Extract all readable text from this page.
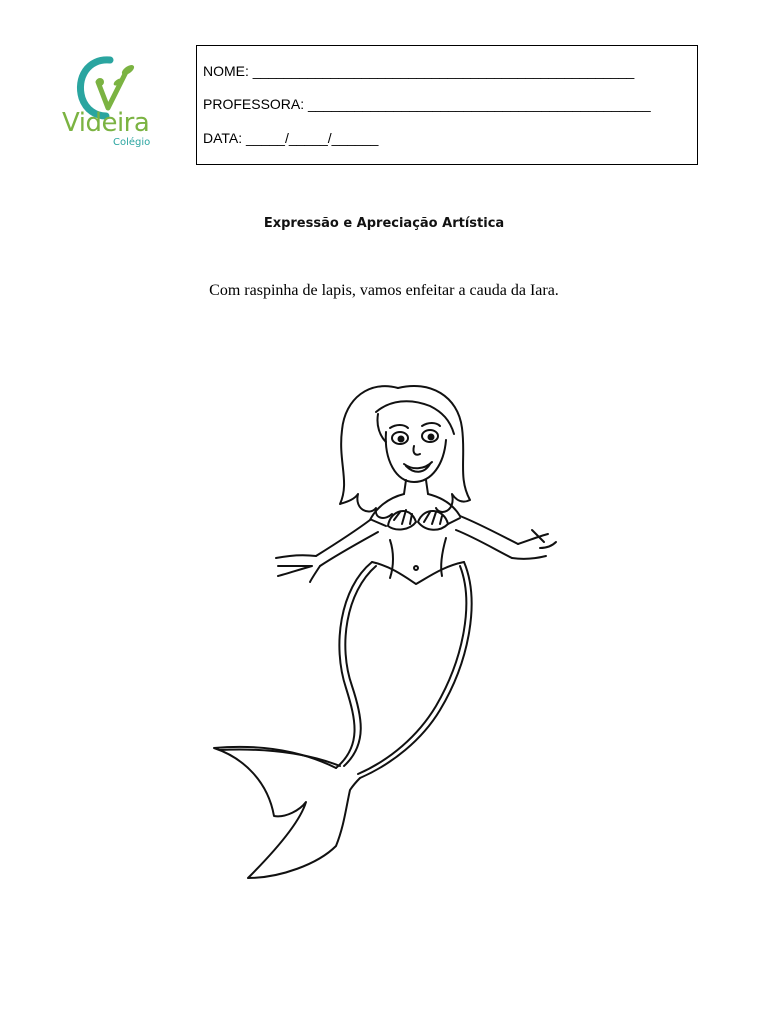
Videira
Colégio
NOME: _________________________________________________
PROFESSORA: ____________________________________________
DATA: _____/_____/______
Expressão e Apreciação Artística
Com raspinha de lapis, vamos enfeitar a cauda da Iara.
